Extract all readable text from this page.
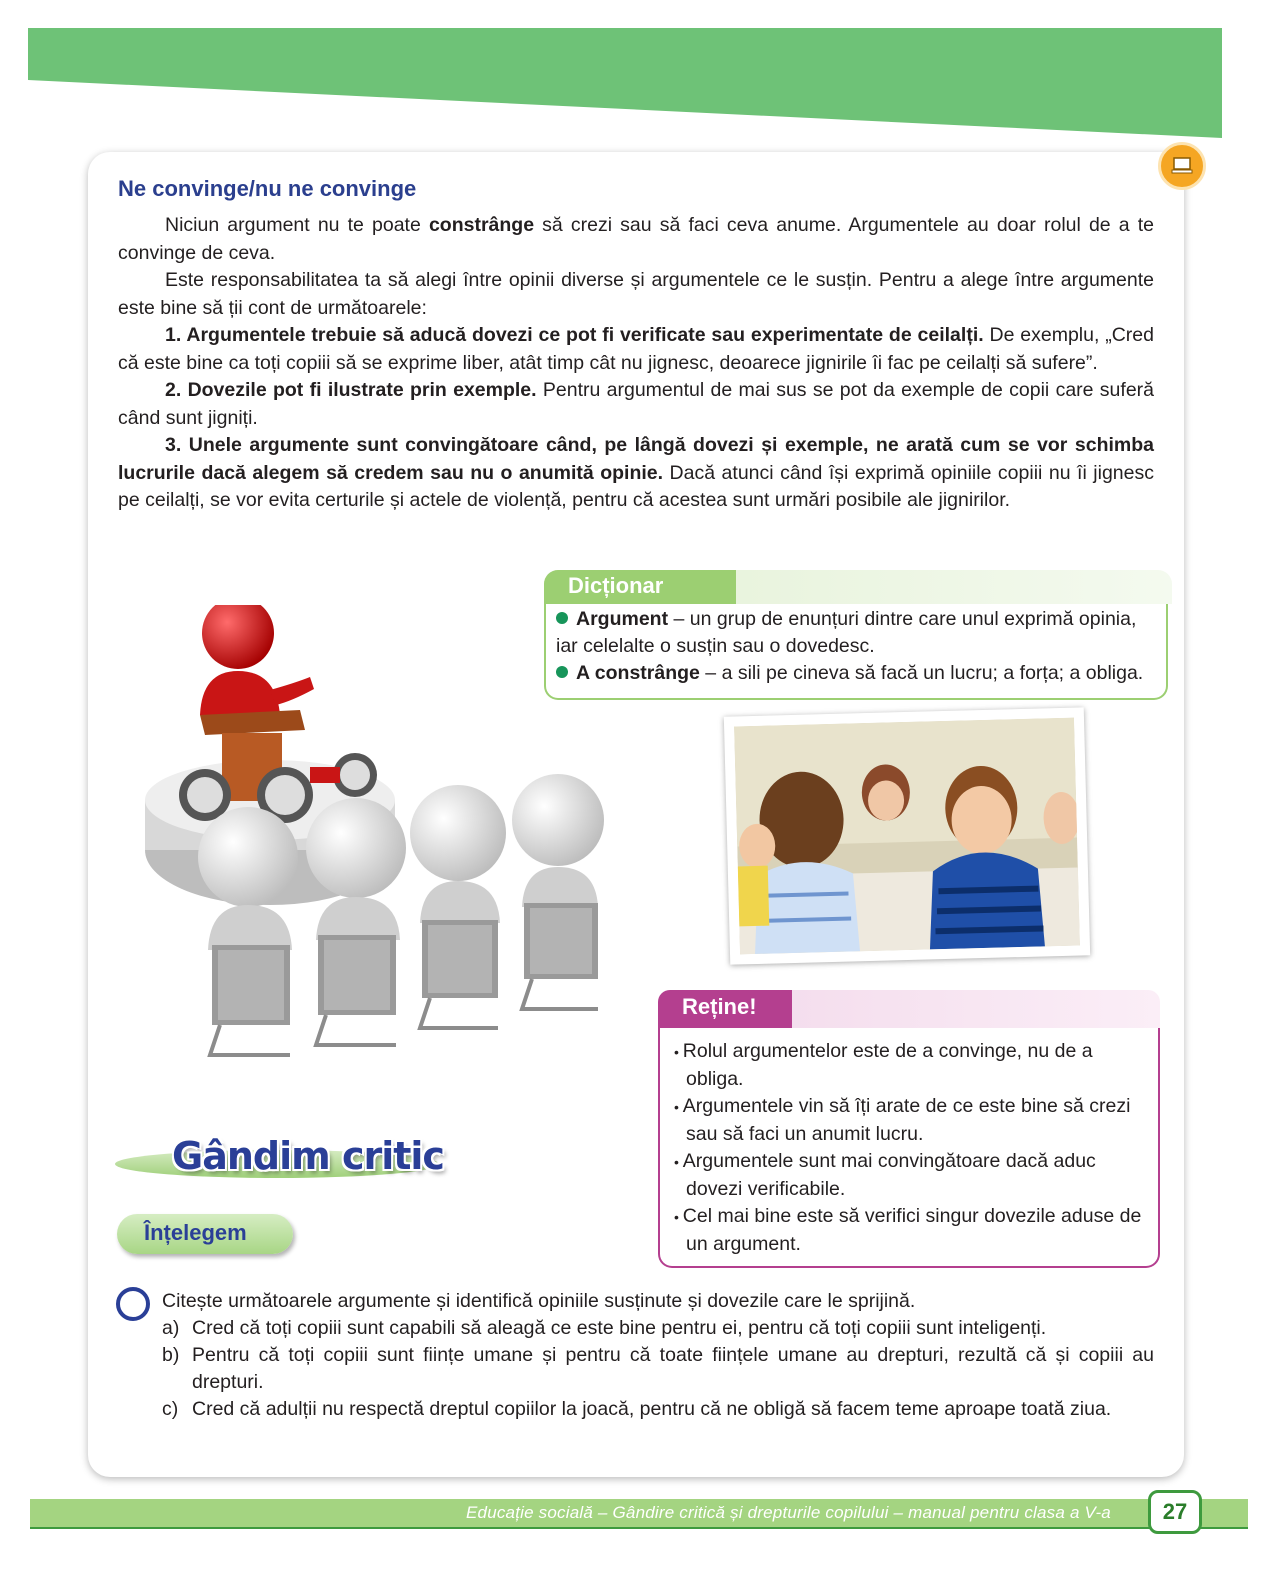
Ne convinge/nu ne convinge

Niciun argument nu te poate constrânge să crezi sau să faci ceva anume. Argumentele au doar rolul de a te convinge de ceva.

Este responsabilitatea ta să alegi între opinii diverse și argumentele ce le susțin. Pentru a alege între argumente este bine să ții cont de următoarele:

1. Argumentele trebuie să aducă dovezi ce pot fi verificate sau experimentate de ceilalți. De exemplu, „Cred că este bine ca toți copiii să se exprime liber, atât timp cât nu jignesc, deoarece jignirile îi fac pe ceilalți să sufere”.

2. Dovezile pot fi ilustrate prin exemple. Pentru argumentul de mai sus se pot da exemple de copii care suferă când sunt jigniți.

3. Unele argumente sunt convingătoare când, pe lângă dovezi și exemple, ne arată cum se vor schimba lucrurile dacă alegem să credem sau nu o anumită opinie. Dacă atunci când își exprimă opiniile copiii nu îi jignesc pe ceilalți, se vor evita certurile și actele de violență, pentru că acestea sunt urmări posibile ale jignirilor.

Dicționar

Argument – un grup de enunțuri dintre care unul exprimă opinia, iar celelalte o susțin sau o dovedesc.

A constrânge – a sili pe cineva să facă un lucru; a forța; a obliga.

Reține!
• Rolul argumentelor este de a convinge, nu de a obliga.
• Argumentele vin să îți arate de ce este bine să crezi sau să faci un anumit lucru.
• Argumentele sunt mai convingătoare dacă aduc dovezi verificabile.
• Cel mai bine este să verifici singur dovezile aduse de un argument.
Gândim critic
Înțelegem

Citește următoarele argumente și identifică opiniile susținute și dovezile care le sprijină.

a) Cred că toți copiii sunt capabili să aleagă ce este bine pentru ei, pentru că toți copiii sunt inteligenți.
b) Pentru că toți copiii sunt ființe umane și pentru că toate ființele umane au drepturi, rezultă că și copiii au drepturi.
c) Cred că adulții nu respectă dreptul copiilor la joacă, pentru că ne obligă să facem teme aproape toată ziua.

Educație socială – Gândire critică și drepturile copilului – manual pentru clasa a V-a	27
